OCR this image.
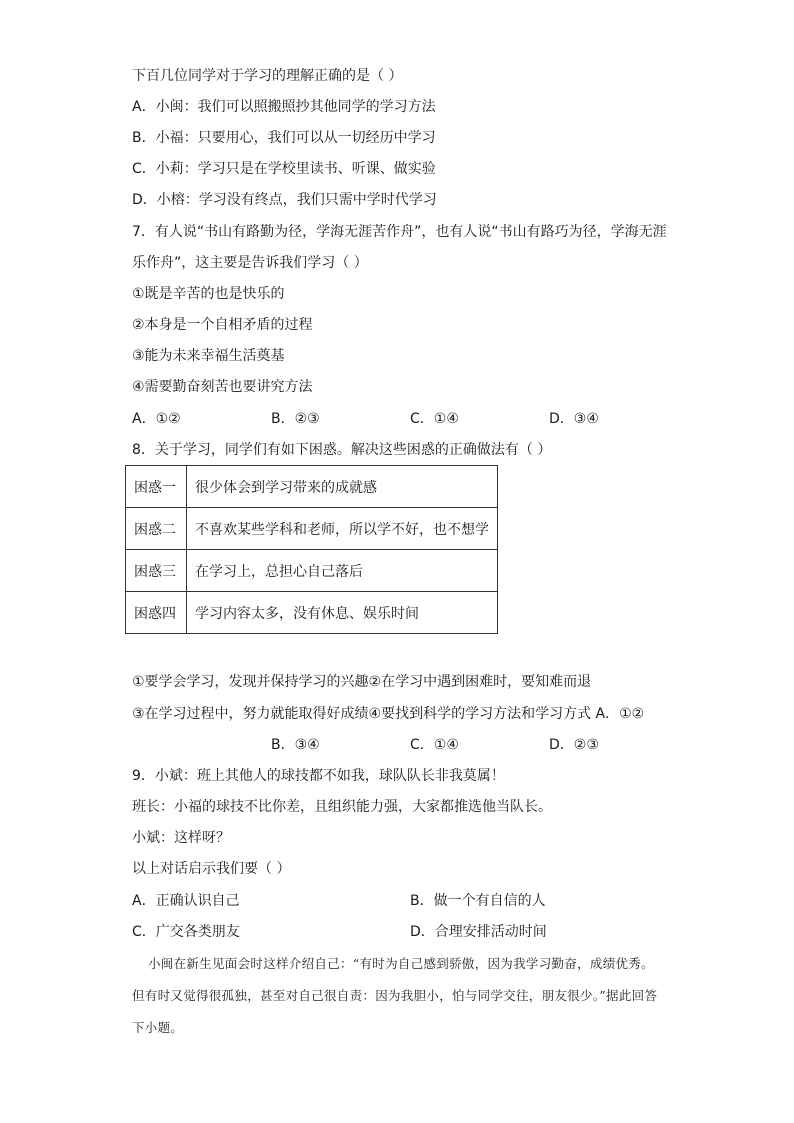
下百几位同学对于学习的理解正确的是（ ）
A．小闽：我们可以照搬照抄其他同学的学习方法
B．小福：只要用心，我们可以从一切经历中学习
C．小莉：学习只是在学校里读书、听课、做实验
D．小榕：学习没有终点，我们只需中学时代学习
7．有人说“书山有路勤为径，学海无涯苦作舟”，也有人说“书山有路巧为径，学海无涯
乐作舟”，这主要是告诉我们学习（ ）
①既是辛苦的也是快乐的
②本身是一个自相矛盾的过程
③能为未来幸福生活奠基
④需要勤奋刻苦也要讲究方法
A．①②	B．②③	C．①④	D．③④
8．关于学习，同学们有如下困惑。解决这些困惑的正确做法有（ ）
困惑一	很少体会到学习带来的成就感
困惑二	不喜欢某些学科和老师，所以学不好，也不想学
困惑三	在学习上，总担心自己落后
困惑四	学习内容太多，没有休息、娱乐时间
①要学会学习，发现并保持学习的兴趣②在学习中遇到困难时，要知难而退
③在学习过程中，努力就能取得好成绩④要找到科学的学习方法和学习方式 A．①②
B．③④	C．①④	D．②③
9．小斌：班上其他人的球技都不如我，球队队长非我莫属！
班长：小福的球技不比你差，且组织能力强，大家都推选他当队长。
小斌：这样呀？
以上对话启示我们要（ ）
A．正确认识自己	B．做一个有自信的人
C．广交各类朋友	D．合理安排活动时间
小闽在新生见面会时这样介绍自己：“有时为自己感到骄傲，因为我学习勤奋，成绩优秀。但有时又觉得很孤独，甚至对自己很自责：因为我胆小，怕与同学交往，朋友很少。”据此回答下小题。
